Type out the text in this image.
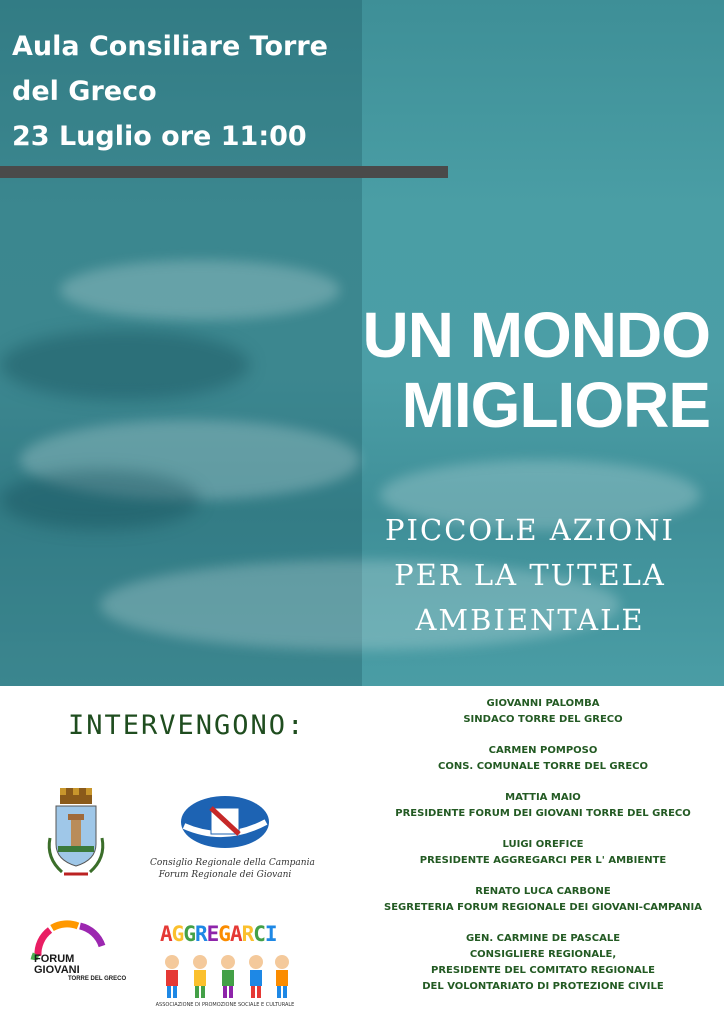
Aula Consiliare Torre
del Greco
23 Luglio ore 11:00
UN MONDO
MIGLIORE
PICCOLE AZIONI
PER LA TUTELA
AMBIENTALE
INTERVENGONO:
GIOVANNI PALOMBA
SINDACO TORRE DEL GRECO
CARMEN POMPOSO
CONS. COMUNALE TORRE DEL GRECO
MATTIA MAIO
PRESIDENTE FORUM DEI GIOVANI TORRE DEL GRECO
LUIGI OREFICE
PRESIDENTE AGGREGARCI PER L' AMBIENTE
RENATO LUCA CARBONE
SEGRETERIA FORUM REGIONALE DEI GIOVANI-CAMPANIA
GEN. CARMINE DE PASCALE
CONSIGLIERE REGIONALE,
PRESIDENTE DEL COMITATO REGIONALE
DEL VOLONTARIATO DI PROTEZIONE CIVILE
Consiglio Regionale della Campania
Forum Regionale dei Giovani
FORUM
GIOVANI
TORRE DEL GRECO
AGGREGARCI
ASSOCIAZIONE DI PROMOZIONE SOCIALE E CULTURALE
